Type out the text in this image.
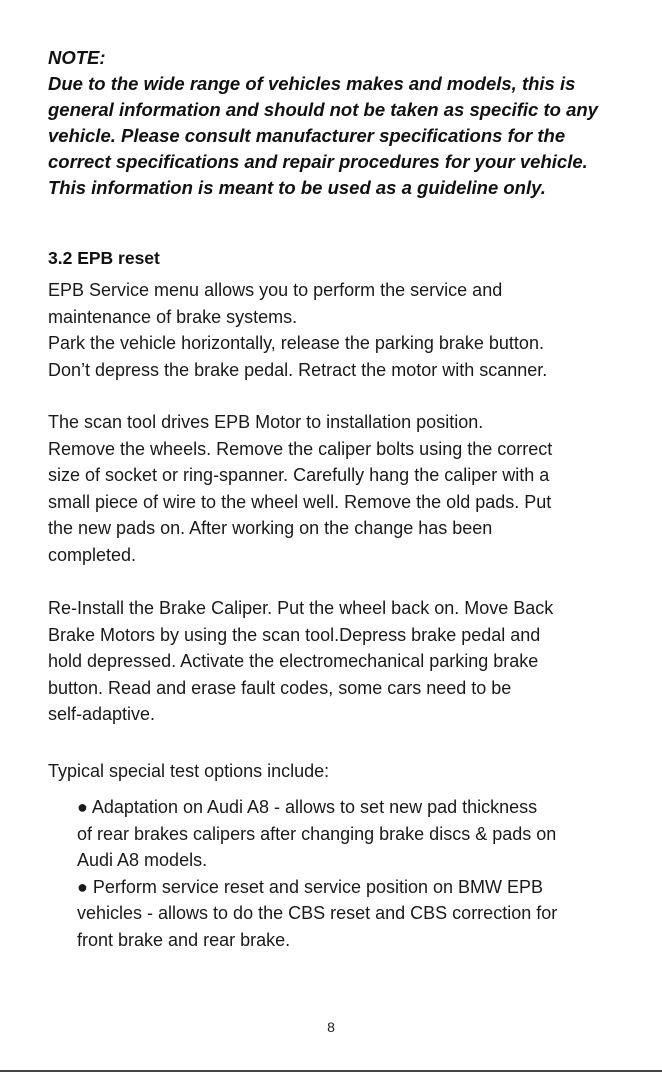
NOTE:
Due to the wide range of vehicles makes and models, this is
general information and should not be taken as specific to any
vehicle. Please consult manufacturer specifications for the
correct specifications and repair procedures for your vehicle.
This information is meant to be used as a guideline only.
3.2 EPB reset
EPB Service menu allows you to perform the service and
maintenance of brake systems.
Park the vehicle horizontally, release the parking brake button.
Don’t depress the brake pedal. Retract the motor with scanner.
The scan tool drives EPB Motor to installation position.
Remove the wheels. Remove the caliper bolts using the correct
size of socket or ring-spanner. Carefully hang the caliper with a
small piece of wire to the wheel well. Remove the old pads. Put
the new pads on. After working on the change has been
completed.
Re-Install the Brake Caliper. Put the wheel back on. Move Back
Brake Motors by using the scan tool.Depress brake pedal and
hold depressed. Activate the electromechanical parking brake
button. Read and erase fault codes, some cars need to be
self-adaptive.
Typical special test options include:
● Adaptation on Audi A8 - allows to set new pad thickness
of rear brakes calipers after changing brake discs & pads on
Audi A8 models.
● Perform service reset and service position on BMW EPB
vehicles - allows to do the CBS reset and CBS correction for
front brake and rear brake.
8
